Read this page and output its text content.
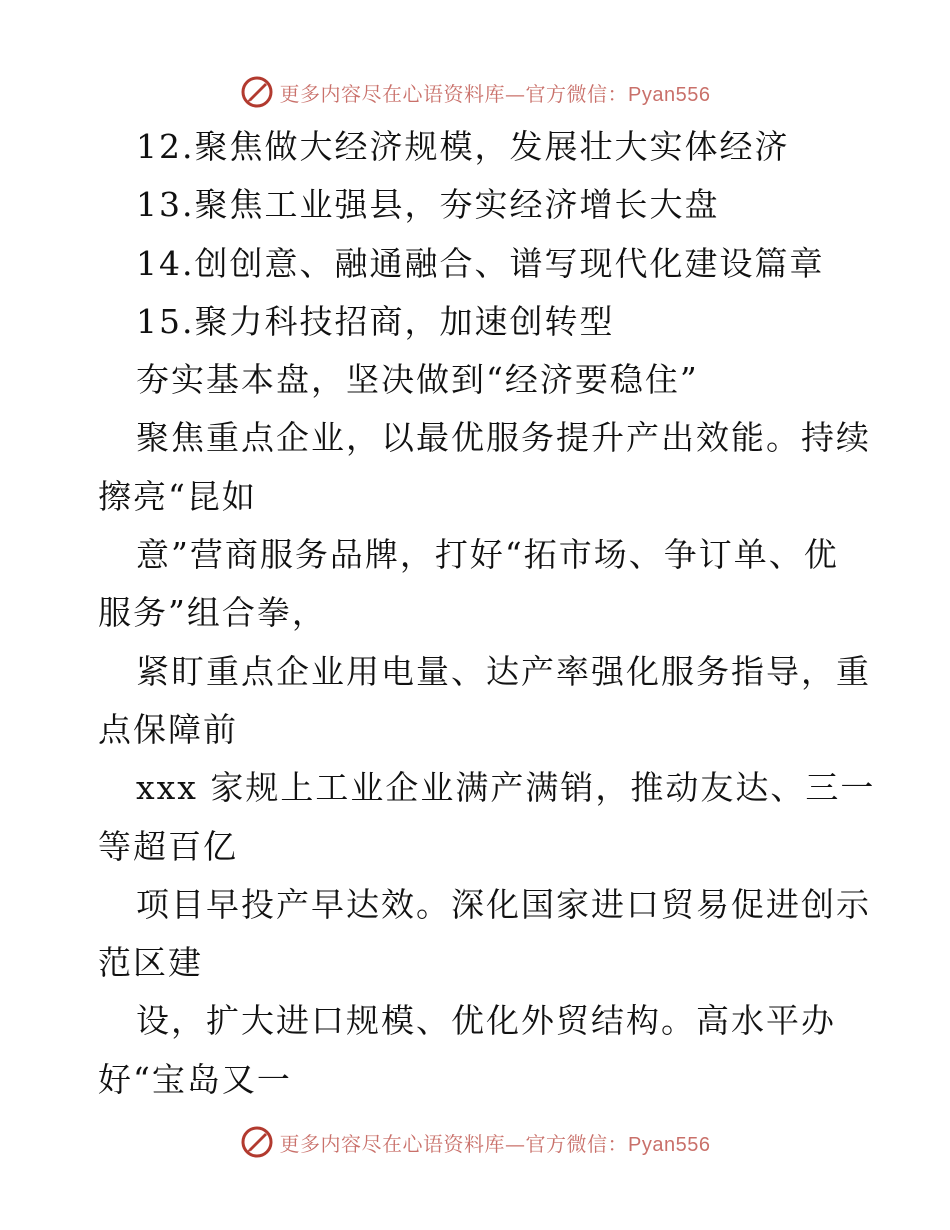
更多内容尽在心语资料库—官方微信：Pyan556
12.聚焦做大经济规模，发展壮大实体经济
13.聚焦工业强县，夯实经济增长大盘
14.创创意、融通融合、谱写现代化建设篇章
15.聚力科技招商，加速创转型
夯实基本盘，坚决做到“经济要稳住”
聚焦重点企业，以最优服务提升产出效能。持续
擦亮“昆如
意”营商服务品牌，打好“拓市场、争订单、优
服务”组合拳，
紧盯重点企业用电量、达产率强化服务指导，重
点保障前
xxx 家规上工业企业满产满销，推动友达、三一
等超百亿
项目早投产早达效。深化国家进口贸易促进创示
范区建
设，扩大进口规模、优化外贸结构。高水平办
好“宝岛又一
更多内容尽在心语资料库—官方微信：Pyan556
